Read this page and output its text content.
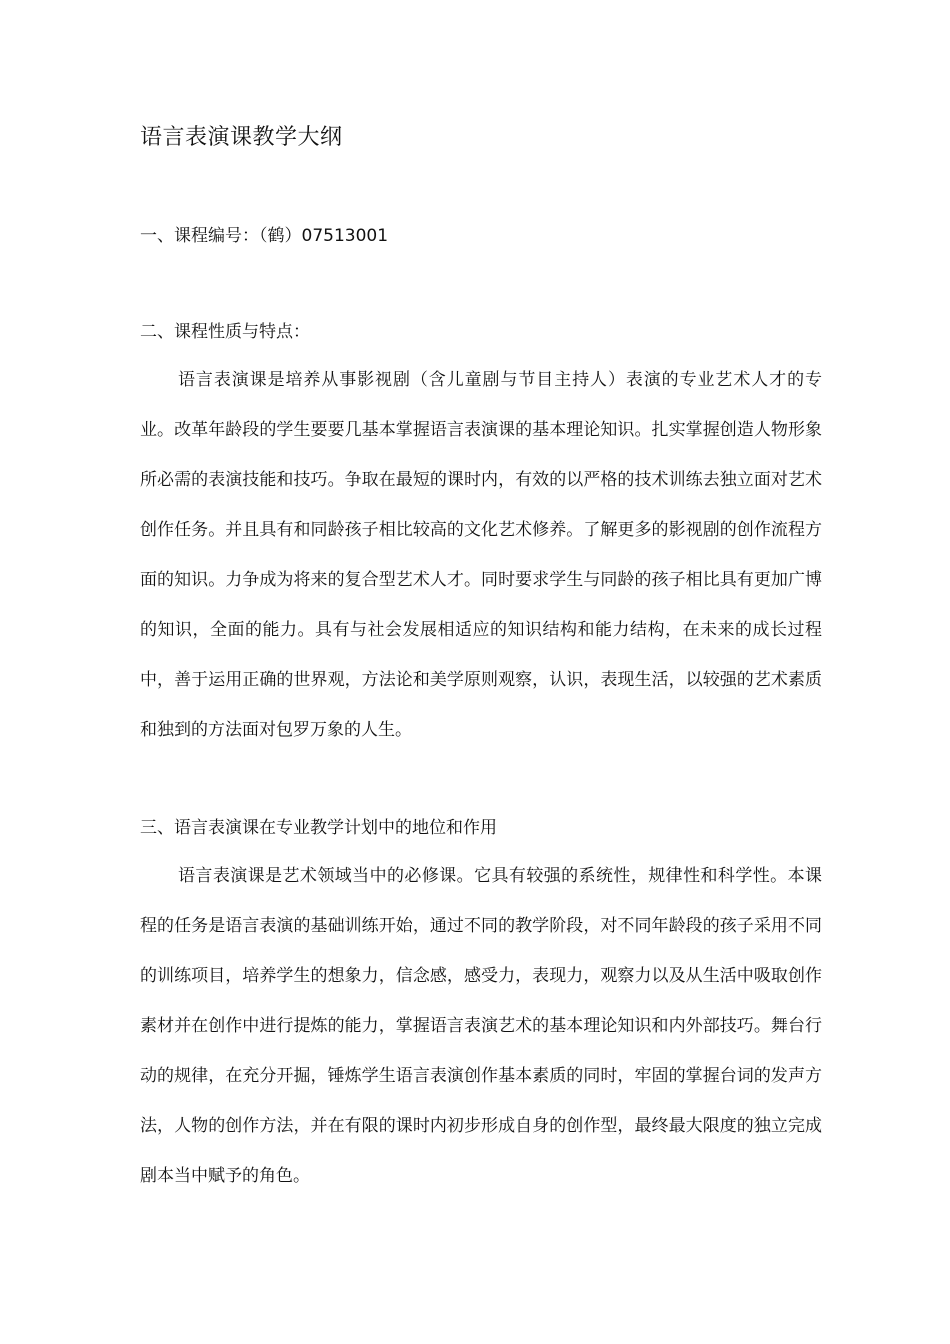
语言表演课教学大纲
一、课程编号：（鹤）07513001
二、课程性质与特点：

语言表演课是培养从事影视剧（含儿童剧与节目主持人）表演的专业艺术人才的专业。改革年龄段的学生要要几基本掌握语言表演课的基本理论知识。扎实掌握创造人物形象所必需的表演技能和技巧。争取在最短的课时内，有效的以严格的技术训练去独立面对艺术创作任务。并且具有和同龄孩子相比较高的文化艺术修养。了解更多的影视剧的创作流程方面的知识。力争成为将来的复合型艺术人才。同时要求学生与同龄的孩子相比具有更加广博的知识，全面的能力。具有与社会发展相适应的知识结构和能力结构，在未来的成长过程中，善于运用正确的世界观，方法论和美学原则观察，认识，表现生活，以较强的艺术素质和独到的方法面对包罗万象的人生。

三、语言表演课在专业教学计划中的地位和作用

语言表演课是艺术领域当中的必修课。它具有较强的系统性，规律性和科学性。本课程的任务是语言表演的基础训练开始，通过不同的教学阶段，对不同年龄段的孩子采用不同的训练项目，培养学生的想象力，信念感，感受力，表现力，观察力以及从生活中吸取创作素材并在创作中进行提炼的能力，掌握语言表演艺术的基本理论知识和内外部技巧。舞台行动的规律，在充分开掘，锤炼学生语言表演创作基本素质的同时，牢固的掌握台词的发声方法，人物的创作方法，并在有限的课时内初步形成自身的创作型，最终最大限度的独立完成剧本当中赋予的角色。
